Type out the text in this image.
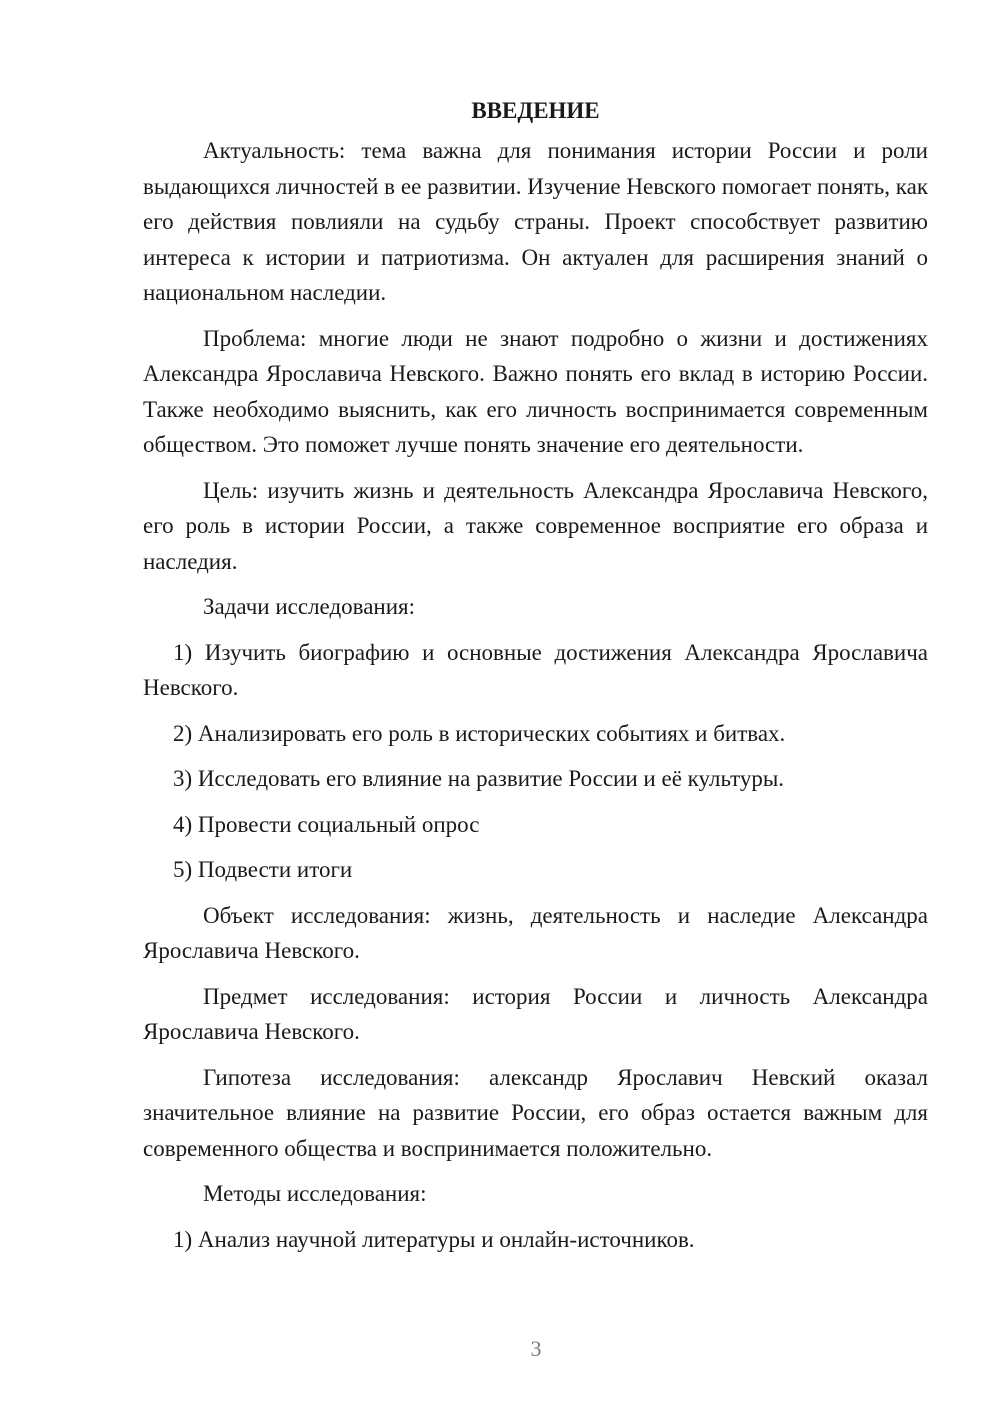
ВВЕДЕНИЕ

Актуальность: тема важна для понимания истории России и роли выдающихся личностей в ее развитии. Изучение Невского помогает понять, как его действия повлияли на судьбу страны. Проект способствует развитию интереса к истории и патриотизма. Он актуален для расширения знаний о национальном наследии.

Проблема: многие люди не знают подробно о жизни и достижениях Александра Ярославича Невского. Важно понять его вклад в историю России. Также необходимо выяснить, как его личность воспринимается современным обществом. Это поможет лучше понять значение его деятельности.

Цель: изучить жизнь и деятельность Александра Ярославича Невского, его роль в истории России, а также современное восприятие его образа и наследия.

Задачи исследования:

1) Изучить биографию и основные достижения Александра Ярославича Невского.

2) Анализировать его роль в исторических событиях и битвах.

3) Исследовать его влияние на развитие России и её культуры.

4) Провести социальный опрос

5) Подвести итоги

Объект исследования: жизнь, деятельность и наследие Александра Ярославича Невского.

Предмет исследования: история России и личность Александра Ярославича Невского.

Гипотеза исследования: александр Ярославич Невский оказал значительное влияние на развитие России, его образ остается важным для современного общества и воспринимается положительно.

Методы исследования:

1) Анализ научной литературы и онлайн-источников.

3
